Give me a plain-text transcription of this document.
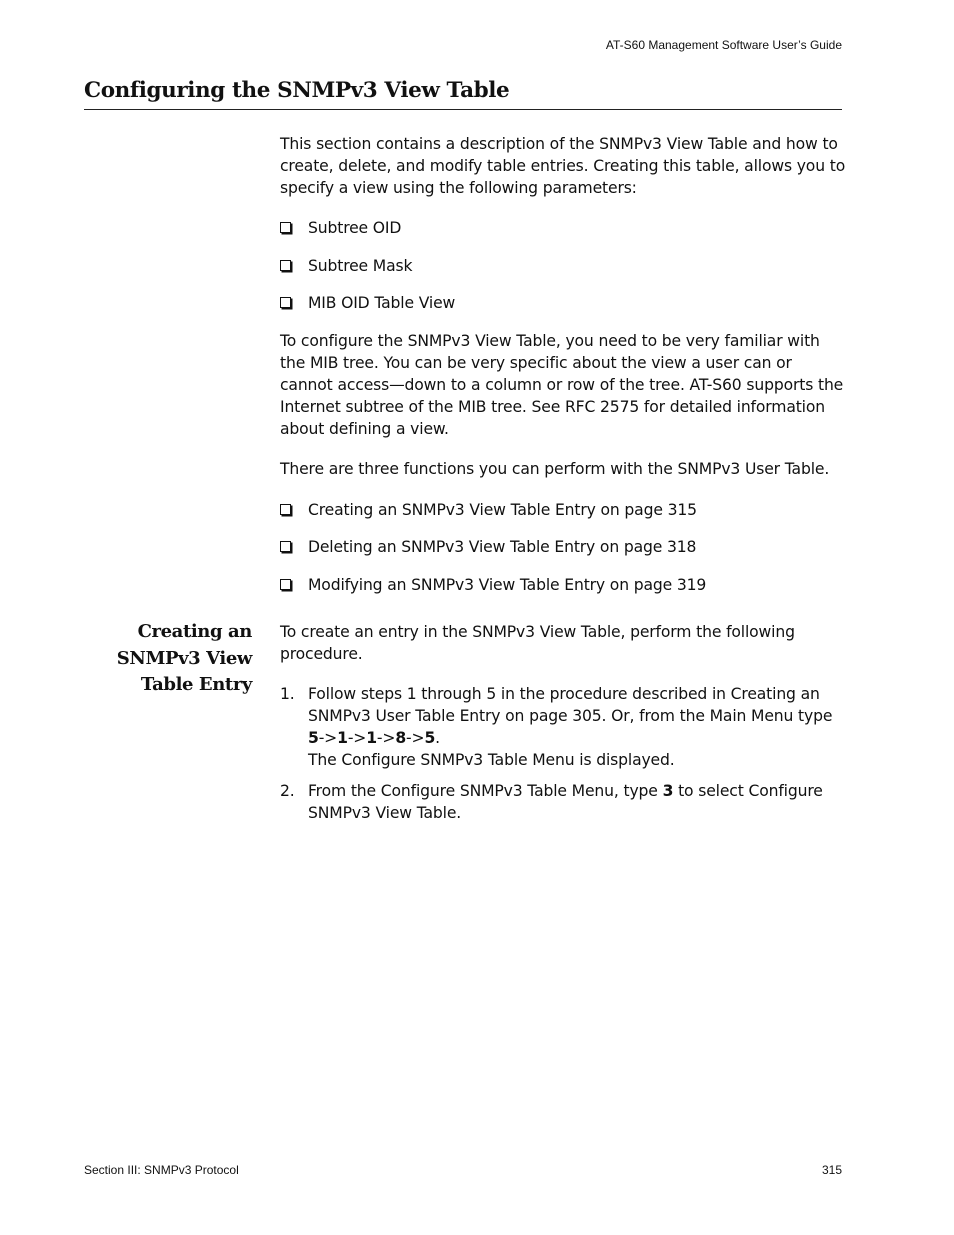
AT-S60 Management Software User’s Guide
Configuring the SNMPv3 View Table

This section contains a description of the SNMPv3 View Table and how to create, delete, and modify table entries. Creating this table, allows you to specify a view using the following parameters:

Subtree OID
Subtree Mask
MIB OID Table View

To configure the SNMPv3 View Table, you need to be very familiar with the MIB tree. You can be very specific about the view a user can or cannot access—down to a column or row of the tree. AT-S60 supports the Internet subtree of the MIB tree. See RFC 2575 for detailed information about defining a view.

There are three functions you can perform with the SNMPv3 User Table.

Creating an SNMPv3 View Table Entry on page 315
Deleting an SNMPv3 View Table Entry on page 318
Modifying an SNMPv3 View Table Entry on page 319
Creating an
SNMPv3 View
Table Entry

To create an entry in the SNMPv3 View Table, perform the following procedure.

1. Follow steps 1 through 5 in the procedure described in Creating an SNMPv3 User Table Entry on page 305. Or, from the Main Menu type 5->1->1->8->5.

The Configure SNMPv3 Table Menu is displayed.

2. From the Configure SNMPv3 Table Menu, type 3 to select Configure SNMPv3 View Table.
Section III: SNMPv3 Protocol	315
